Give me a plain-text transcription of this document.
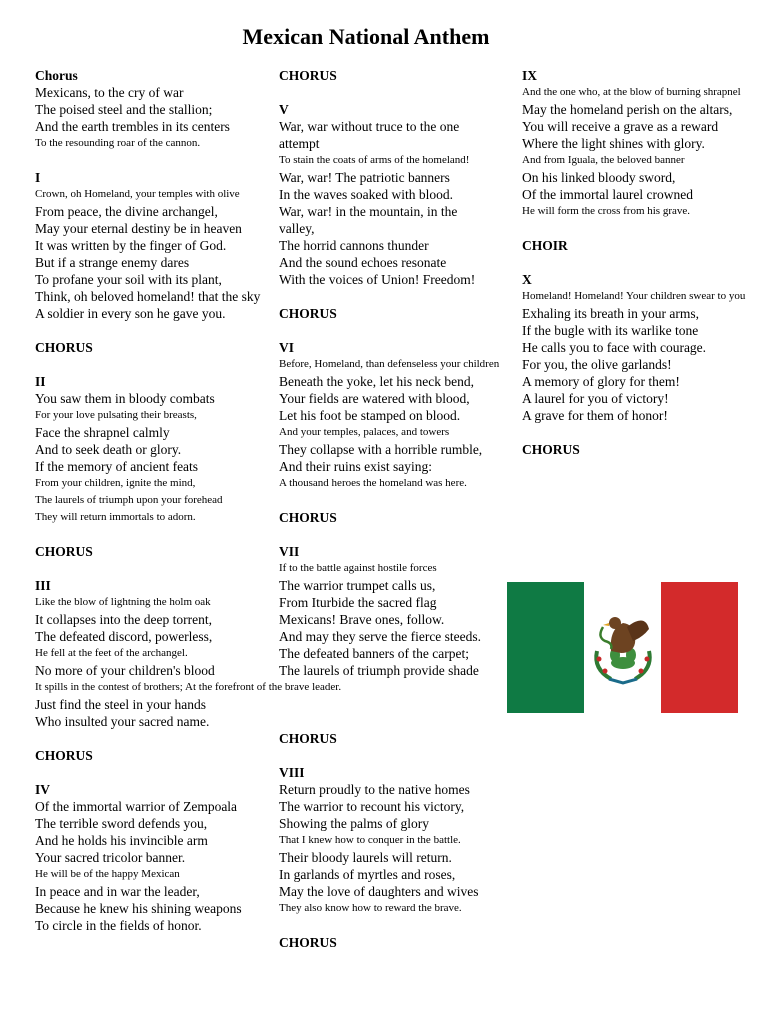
Mexican National Anthem
Chorus
Mexicans, to the cry of war
The poised steel and the stallion;
And the earth trembles in its centers
To the resounding roar of the cannon.
I
Crown, oh Homeland, your temples with olive
From peace, the divine archangel,
May your eternal destiny be in heaven
It was written by the finger of God.
But if a strange enemy dares
To profane your soil with its plant,
Think, oh beloved homeland! that the sky
A soldier in every son he gave you.
CHORUS
II
You saw them in bloody combats
For your love pulsating their breasts,
Face the shrapnel calmly
And to seek death or glory.
If the memory of ancient feats
From your children, ignite the mind,
The laurels of triumph upon your forehead
They will return immortals to adorn.
CHORUS
III
Like the blow of lightning the holm oak
It collapses into the deep torrent,
The defeated discord, powerless,
He fell at the feet of the archangel.
No more of your children's blood
It spills in the contest of brothers; At the forefront of the brave leader.
Just find the steel in your hands
Who insulted your sacred name.
CHORUS
IV
Of the immortal warrior of Zempoala
The terrible sword defends you,
And he holds his invincible arm
Your sacred tricolor banner.
He will be of the happy Mexican
In peace and in war the leader,
Because he knew his shining weapons
To circle in the fields of honor.
CHORUS
V
War, war without truce to the one
attempt
To stain the coats of arms of the homeland!
War, war! The patriotic banners
In the waves soaked with blood.
War, war! in the mountain, in the
valley,
The horrid cannons thunder
And the sound echoes resonate
With the voices of Union! Freedom!
CHORUS
VI
Before, Homeland, than defenseless your children
Beneath the yoke, let his neck bend,
Your fields are watered with blood,
Let his foot be stamped on blood.
And your temples, palaces, and towers
They collapse with a horrible rumble,
And their ruins exist saying:
A thousand heroes the homeland was here.
CHORUS
VII
If to the battle against hostile forces
The warrior trumpet calls us,
From Iturbide the sacred flag
Mexicans! Brave ones, follow.
And may they serve the fierce steeds.
The defeated banners of the carpet;
The laurels of triumph provide shade
CHORUS
VIII
Return proudly to the native homes
The warrior to recount his victory,
Showing the palms of glory
That I knew how to conquer in the battle.
Their bloody laurels will return.
In garlands of myrtles and roses,
May the love of daughters and wives
They also know how to reward the brave.
CHORUS
IX
And the one who, at the blow of burning shrapnel
May the homeland perish on the altars,
You will receive a grave as a reward
Where the light shines with glory.
And from Iguala, the beloved banner
On his linked bloody sword,
Of the immortal laurel crowned
He will form the cross from his grave.
CHOIR
X
Homeland! Homeland! Your children swear to you
Exhaling its breath in your arms,
If the bugle with its warlike tone
He calls you to face with courage.
For you, the olive garlands!
A memory of glory for them!
A laurel for you of victory!
A grave for them of honor!
CHORUS
